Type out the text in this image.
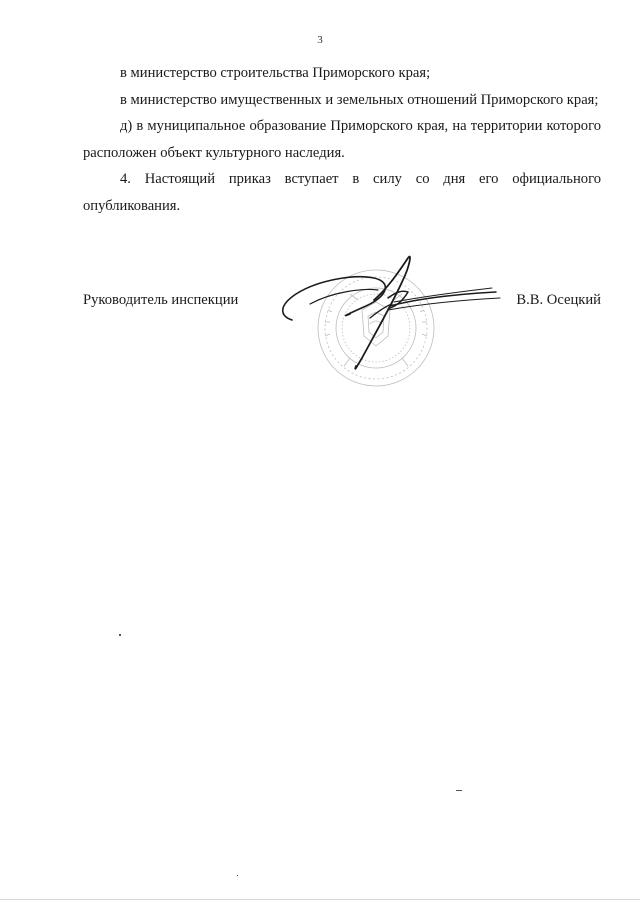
3

в министерство строительства Приморского края;

в министерство имущественных и земельных отношений Приморского края;

д) в муниципальное образование Приморского края, на территории которого расположен объект культурного наследия.

4. Настоящий приказ вступает в силу со дня его официального опубликования.

Руководитель инспекции	В.В. Осецкий
